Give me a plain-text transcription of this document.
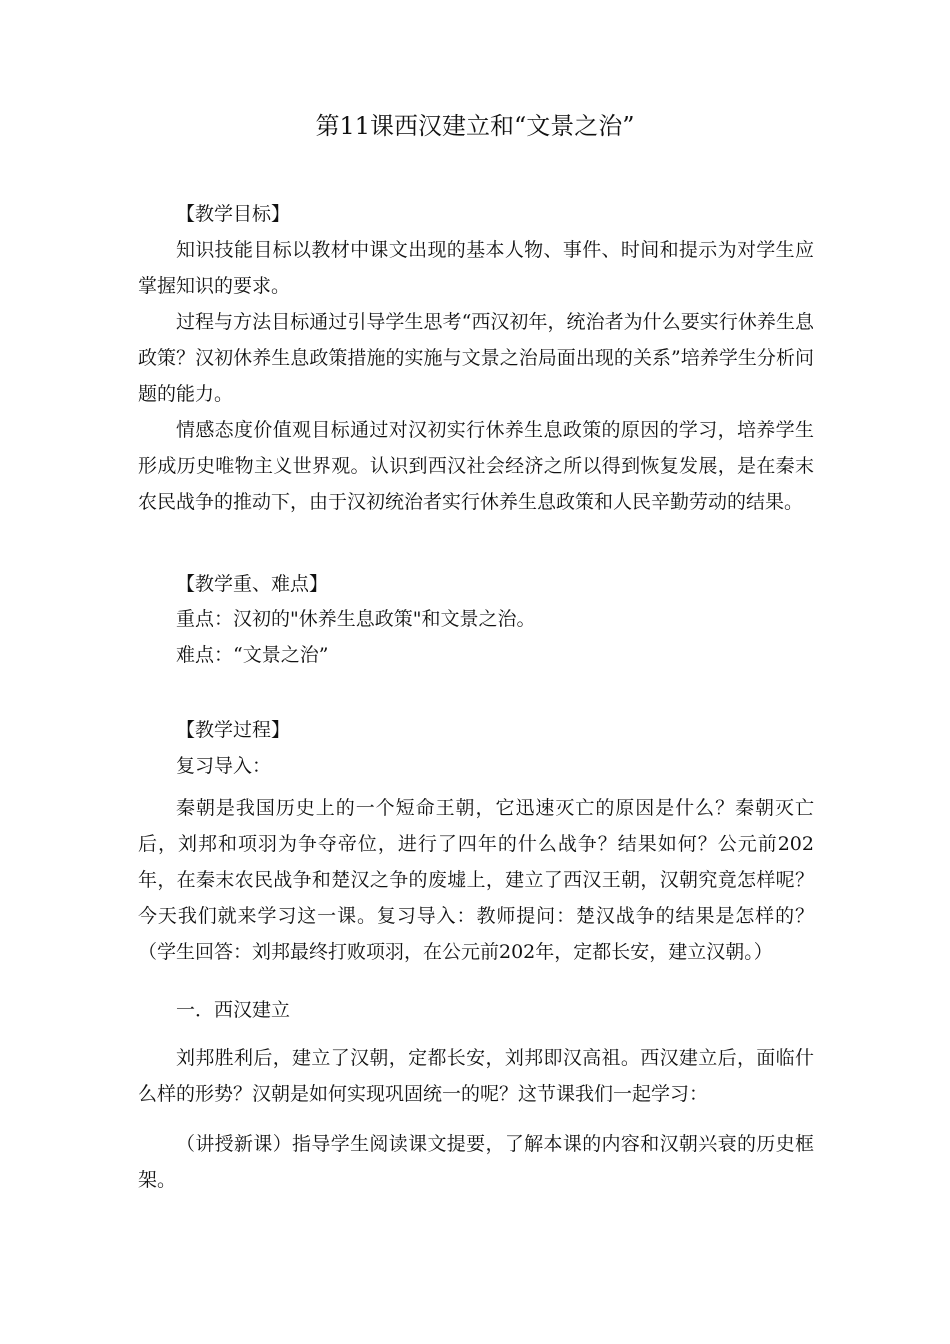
第11课西汉建立和“文景之治”
【教学目标】

知识技能目标以教材中课文出现的基本人物、事件、时间和提示为对学生应掌握知识的要求。

过程与方法目标通过引导学生思考“西汉初年，统治者为什么要实行休养生息政策？汉初休养生息政策措施的实施与文景之治局面出现的关系”培养学生分析问题的能力。

情感态度价值观目标通过对汉初实行休养生息政策的原因的学习，培养学生形成历史唯物主义世界观。认识到西汉社会经济之所以得到恢复发展，是在秦末农民战争的推动下，由于汉初统治者实行休养生息政策和人民辛勤劳动的结果。

【教学重、难点】
重点：汉初的"休养生息政策"和文景之治。
难点：“文景之治”
【教学过程】
复习导入：

秦朝是我国历史上的一个短命王朝，它迅速灭亡的原因是什么？秦朝灭亡后，刘邦和项羽为争夺帝位，进行了四年的什么战争？结果如何？公元前202年，在秦末农民战争和楚汉之争的废墟上，建立了西汉王朝，汉朝究竟怎样呢？今天我们就来学习这一课。复习导入：教师提问：楚汉战争的结果是怎样的？（学生回答：刘邦最终打败项羽，在公元前202年，定都长安，建立汉朝。）

一．西汉建立

刘邦胜利后，建立了汉朝，定都长安，刘邦即汉高祖。西汉建立后，面临什么样的形势？汉朝是如何实现巩固统一的呢？这节课我们一起学习：

（讲授新课）指导学生阅读课文提要，了解本课的内容和汉朝兴衰的历史框架。
